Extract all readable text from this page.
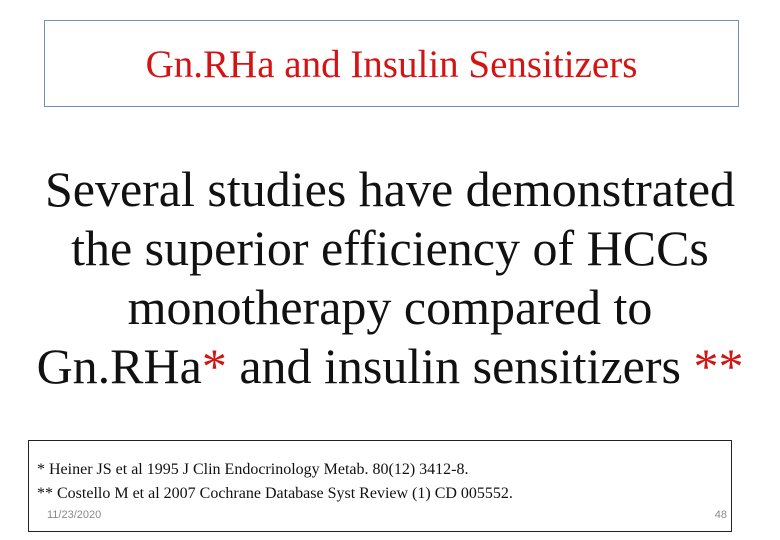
Gn.RHa and Insulin Sensitizers
Several studies have demonstrated
the superior efficiency of HCCs
monotherapy compared to
Gn.RHa* and insulin sensitizers **
* Heiner JS et al 1995 J Clin Endocrinology Metab. 80(12) 3412-8.
** Costello M et al 2007 Cochrane Database Syst Review (1) CD 005552.
11/23/2020	48
